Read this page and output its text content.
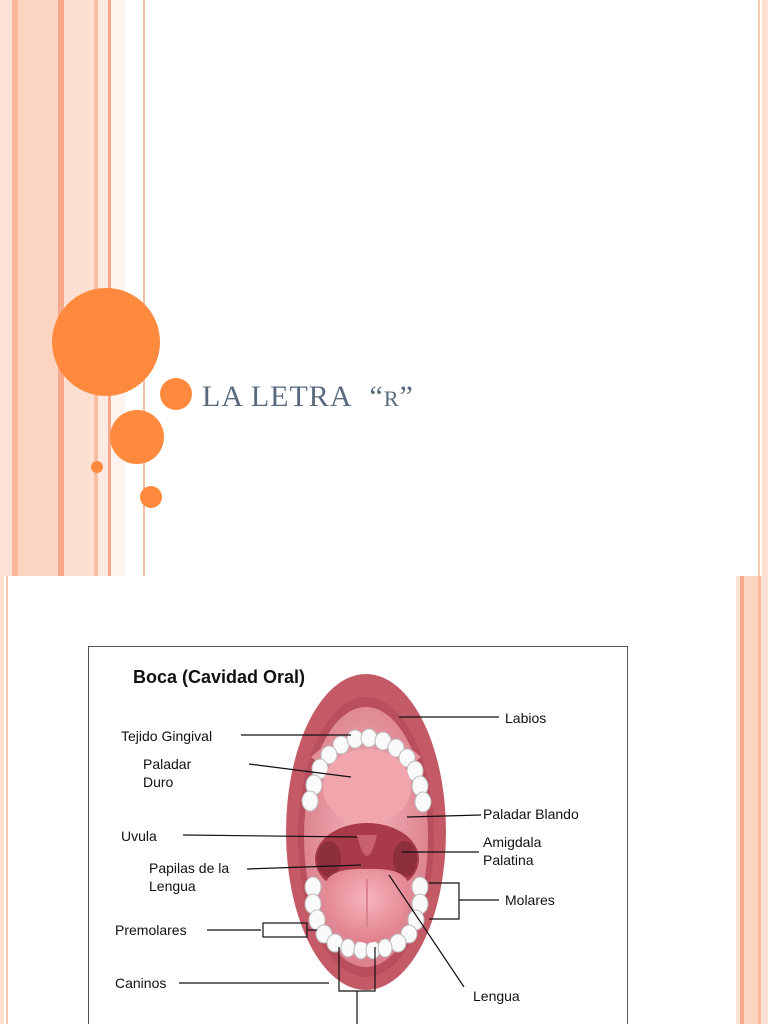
LA LETRA “R”
Boca (Cavidad Oral)
Labios
Tejido Gingival
Paladar
Duro
Paladar Blando
Uvula	Amigdala
Palatina
Papilas de la
Lengua
Molares
Premolares
Caninos
Lengua
